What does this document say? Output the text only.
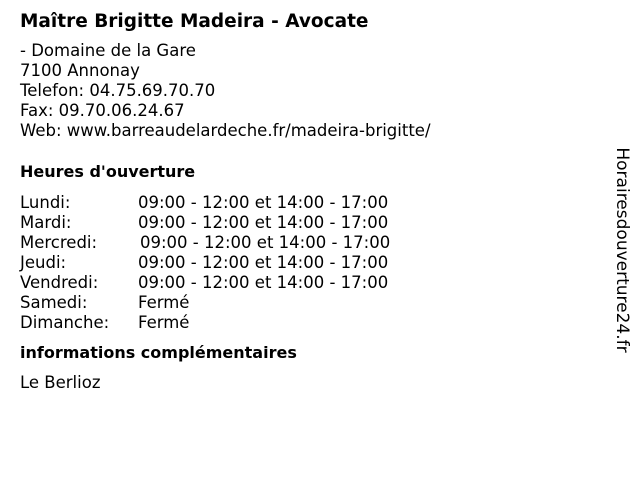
Maître Brigitte Madeira - Avocate
- Domaine de la Gare
7100 Annonay
Telefon: 04.75.69.70.70
Fax: 09.70.06.24.67
Web: www.barreaudelardeche.fr/madeira-brigitte/
Heures d'ouverture
Lundi:	09:00 - 12:00 et 14:00 - 17:00
Mardi:	09:00 - 12:00 et 14:00 - 17:00
Mercredi:	09:00 - 12:00 et 14:00 - 17:00
Jeudi:	09:00 - 12:00 et 14:00 - 17:00
Vendredi:	09:00 - 12:00 et 14:00 - 17:00
Samedi:	Fermé
Dimanche:	Fermé
informations complémentaires
Le Berlioz
Horairesdouverture24.fr
